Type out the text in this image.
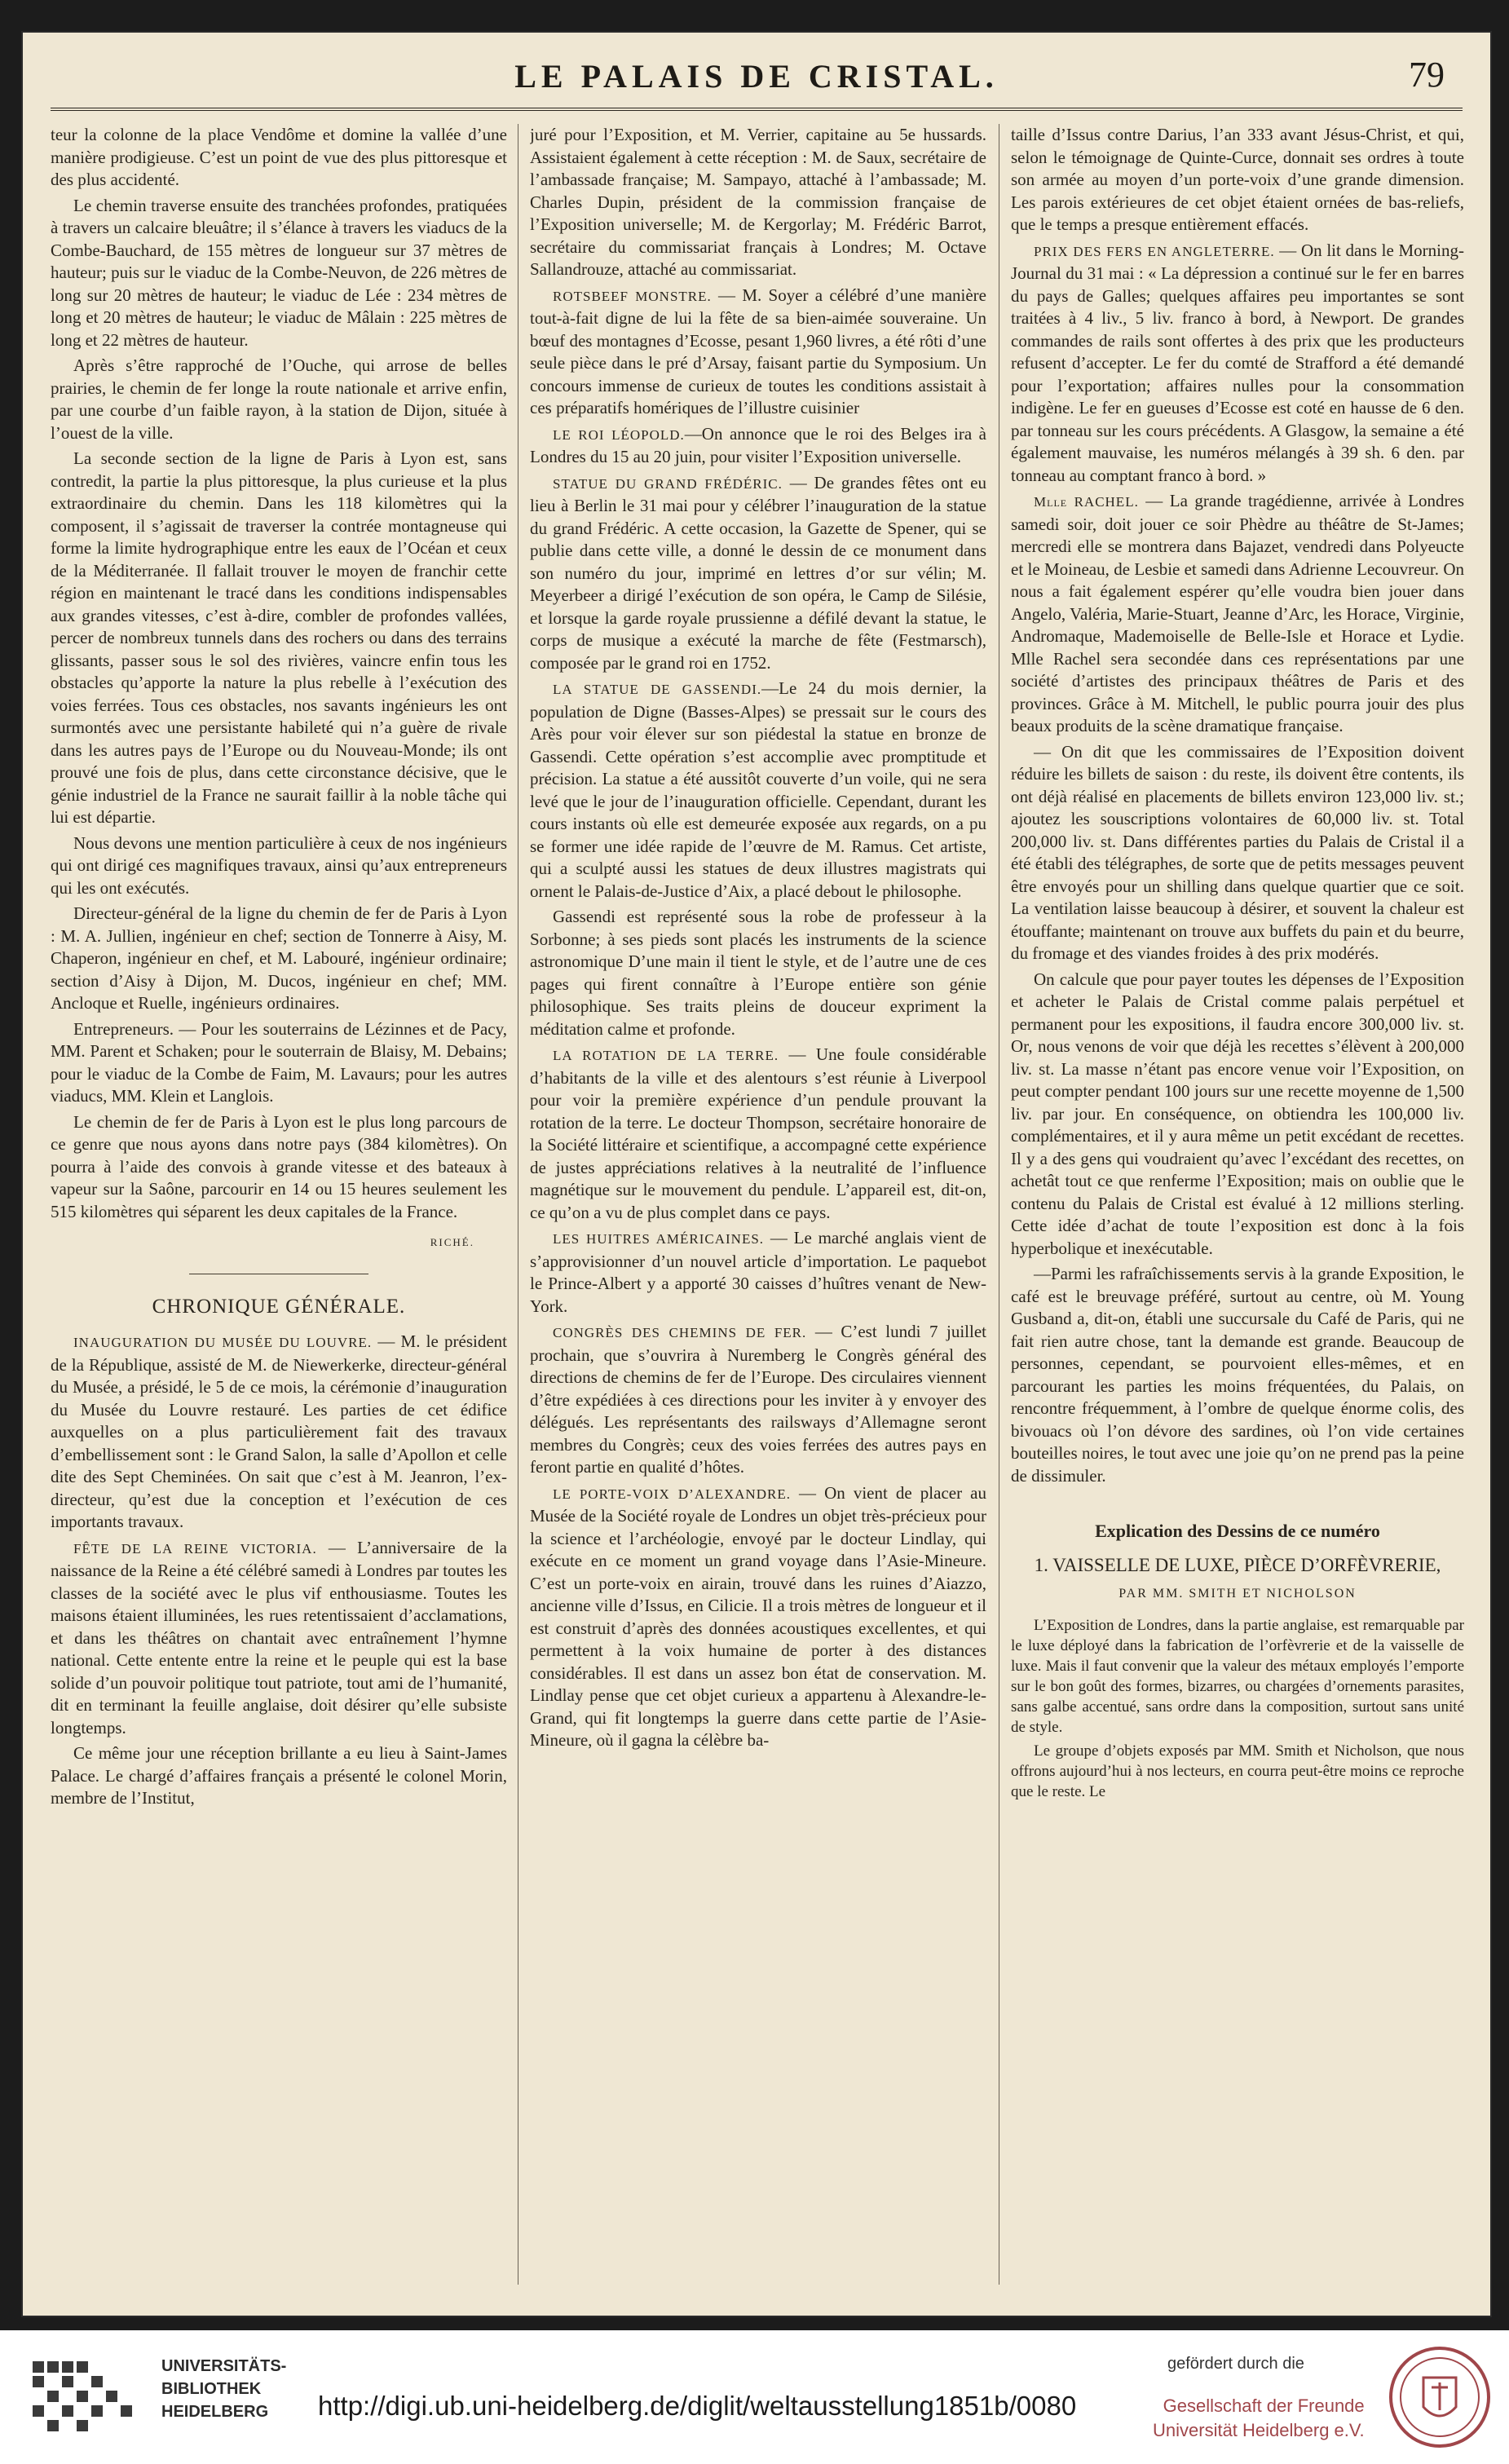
LE PALAIS DE CRISTAL.	79

teur la colonne de la place Vendôme et domine la vallée d’une manière prodigieuse. C’est un point de vue des plus pittoresque et des plus accidenté.

Le chemin traverse ensuite des tranchées profondes, pratiquées à travers un calcaire bleuâtre; il s’élance à travers les viaducs de la Combe-Bauchard, de 155 mètres de longueur sur 37 mètres de hauteur; puis sur le viaduc de la Combe-Neuvon, de 226 mètres de long sur 20 mètres de hauteur; le viaduc de Lée : 234 mètres de long et 20 mètres de hauteur; le viaduc de Mâlain : 225 mètres de long et 22 mètres de hauteur.

Après s’être rapproché de l’Ouche, qui arrose de belles prairies, le chemin de fer longe la route nationale et arrive enfin, par une courbe d’un faible rayon, à la station de Dijon, située à l’ouest de la ville.

La seconde section de la ligne de Paris à Lyon est, sans contredit, la partie la plus pittoresque, la plus curieuse et la plus extraordinaire du chemin. Dans les 118 kilomètres qui la composent, il s’agissait de traverser la contrée montagneuse qui forme la limite hydrographique entre les eaux de l’Océan et ceux de la Méditerranée. Il fallait trouver le moyen de franchir cette région en maintenant le tracé dans les conditions indispensables aux grandes vitesses, c’est à-dire, combler de profondes vallées, percer de nombreux tunnels dans des rochers ou dans des terrains glissants, passer sous le sol des rivières, vaincre enfin tous les obstacles qu’apporte la nature la plus rebelle à l’exécution des voies ferrées. Tous ces obstacles, nos savants ingénieurs les ont surmontés avec une persistante habileté qui n’a guère de rivale dans les autres pays de l’Europe ou du Nouveau-Monde; ils ont prouvé une fois de plus, dans cette circonstance décisive, que le génie industriel de la France ne saurait faillir à la noble tâche qui lui est départie.

Nous devons une mention particulière à ceux de nos ingénieurs qui ont dirigé ces magnifiques travaux, ainsi qu’aux entrepreneurs qui les ont exécutés.

Directeur-général de la ligne du chemin de fer de Paris à Lyon : M. A. Jullien, ingénieur en chef; section de Tonnerre à Aisy, M. Chaperon, ingénieur en chef, et M. Labouré, ingénieur ordinaire; section d’Aisy à Dijon, M. Ducos, ingénieur en chef; MM. Ancloque et Ruelle, ingénieurs ordinaires.

Entrepreneurs. — Pour les souterrains de Lézinnes et de Pacy, MM. Parent et Schaken; pour le souterrain de Blaisy, M. Debains; pour le viaduc de la Combe de Faim, M. Lavaurs; pour les autres viaducs, MM. Klein et Langlois.

Le chemin de fer de Paris à Lyon est le plus long parcours de ce genre que nous ayons dans notre pays (384 kilomètres). On pourra à l’aide des convois à grande vitesse et des bateaux à vapeur sur la Saône, parcourir en 14 ou 15 heures seulement les 515 kilomètres qui séparent les deux capitales de la France.

RICHÉ.
CHRONIQUE GÉNÉRALE.

INAUGURATION DU MUSÉE DU LOUVRE. — M. le président de la République, assisté de M. de Niewerkerke, directeur-général du Musée, a présidé, le 5 de ce mois, la cérémonie d’inauguration du Musée du Louvre restauré. Les parties de cet édifice auxquelles on a plus particulièrement fait des travaux d’embellissement sont : le Grand Salon, la salle d’Apollon et celle dite des Sept Cheminées. On sait que c’est à M. Jeanron, l’ex-directeur, qu’est due la conception et l’exécution de ces importants travaux.

FÊTE DE LA REINE VICTORIA. — L’anniversaire de la naissance de la Reine a été célébré samedi à Londres par toutes les classes de la société avec le plus vif enthousiasme. Toutes les maisons étaient illuminées, les rues retentissaient d’acclamations, et dans les théâtres on chantait avec entraînement l’hymne national. Cette entente entre la reine et le peuple qui est la base solide d’un pouvoir politique tout patriote, tout ami de l’humanité, dit en terminant la feuille anglaise, doit désirer qu’elle subsiste longtemps.

Ce même jour une réception brillante a eu lieu à Saint-James Palace. Le chargé d’affaires français a présenté le colonel Morin, membre de l’Institut,

juré pour l’Exposition, et M. Verrier, capitaine au 5e hussards. Assistaient également à cette réception : M. de Saux, secrétaire de l’ambassade française; M. Sampayo, attaché à l’ambassade; M. Charles Dupin, président de la commission française de l’Exposition universelle; M. de Kergorlay; M. Frédéric Barrot, secrétaire du commissariat français à Londres; M. Octave Sallandrouze, attaché au commissariat.

ROTSBEEF MONSTRE. — M. Soyer a célébré d’une manière tout-à-fait digne de lui la fête de sa bien-aimée souveraine. Un bœuf des montagnes d’Ecosse, pesant 1,960 livres, a été rôti d’une seule pièce dans le pré d’Arsay, faisant partie du Symposium. Un concours immense de curieux de toutes les conditions assistait à ces préparatifs homériques de l’illustre cuisinier

LE ROI LÉOPOLD.—On annonce que le roi des Belges ira à Londres du 15 au 20 juin, pour visiter l’Exposition universelle.

STATUE DU GRAND FRÉDÉRIC. — De grandes fêtes ont eu lieu à Berlin le 31 mai pour y célébrer l’inauguration de la statue du grand Frédéric. A cette occasion, la Gazette de Spener, qui se publie dans cette ville, a donné le dessin de ce monument dans son numéro du jour, imprimé en lettres d’or sur vélin; M. Meyerbeer a dirigé l’exécution de son opéra, le Camp de Silésie, et lorsque la garde royale prussienne a défilé devant la statue, le corps de musique a exécuté la marche de fête (Festmarsch), composée par le grand roi en 1752.

LA STATUE DE GASSENDI.—Le 24 du mois dernier, la population de Digne (Basses-Alpes) se pressait sur le cours des Arès pour voir élever sur son piédestal la statue en bronze de Gassendi. Cette opération s’est accomplie avec promptitude et précision. La statue a été aussitôt couverte d’un voile, qui ne sera levé que le jour de l’inauguration officielle. Cependant, durant les cours instants où elle est demeurée exposée aux regards, on a pu se former une idée rapide de l’œuvre de M. Ramus. Cet artiste, qui a sculpté aussi les statues de deux illustres magistrats qui ornent le Palais-de-Justice d’Aix, a placé debout le philosophe.

Gassendi est représenté sous la robe de professeur à la Sorbonne; à ses pieds sont placés les instruments de la science astronomique D’une main il tient le style, et de l’autre une de ces pages qui firent connaître à l’Europe entière son génie philosophique. Ses traits pleins de douceur expriment la méditation calme et profonde.

LA ROTATION DE LA TERRE. — Une foule considérable d’habitants de la ville et des alentours s’est réunie à Liverpool pour voir la première expérience d’un pendule prouvant la rotation de la terre. Le docteur Thompson, secrétaire honoraire de la Société littéraire et scientifique, a accompagné cette expérience de justes appréciations relatives à la neutralité de l’influence magnétique sur le mouvement du pendule. L’appareil est, dit-on, ce qu’on a vu de plus complet dans ce pays.

LES HUITRES AMÉRICAINES. — Le marché anglais vient de s’approvisionner d’un nouvel article d’importation. Le paquebot le Prince-Albert y a apporté 30 caisses d’huîtres venant de New-York.

CONGRÈS DES CHEMINS DE FER. — C’est lundi 7 juillet prochain, que s’ouvrira à Nuremberg le Congrès général des directions de chemins de fer de l’Europe. Des circulaires viennent d’être expédiées à ces directions pour les inviter à y envoyer des délégués. Les représentants des railsways d’Allemagne seront membres du Congrès; ceux des voies ferrées des autres pays en feront partie en qualité d’hôtes.

LE PORTE-VOIX D’ALEXANDRE. — On vient de placer au Musée de la Société royale de Londres un objet très-précieux pour la science et l’archéologie, envoyé par le docteur Lindlay, qui exécute en ce moment un grand voyage dans l’Asie-Mineure. C’est un porte-voix en airain, trouvé dans les ruines d’Aiazzo, ancienne ville d’Issus, en Cilicie. Il a trois mètres de longueur et il est construit d’après des données acoustiques excellentes, et qui permettent à la voix humaine de porter à des distances considérables. Il est dans un assez bon état de conservation. M. Lindlay pense que cet objet curieux a appartenu à Alexandre-le-Grand, qui fit longtemps la guerre dans cette partie de l’Asie-Mineure, où il gagna la célèbre ba-

taille d’Issus contre Darius, l’an 333 avant Jésus-Christ, et qui, selon le témoignage de Quinte-Curce, donnait ses ordres à toute son armée au moyen d’un porte-voix d’une grande dimension. Les parois extérieures de cet objet étaient ornées de bas-reliefs, que le temps a presque entièrement effacés.

PRIX DES FERS EN ANGLETERRE. — On lit dans le Morning-Journal du 31 mai : « La dépression a continué sur le fer en barres du pays de Galles; quelques affaires peu importantes se sont traitées à 4 liv., 5 liv. franco à bord, à Newport. De grandes commandes de rails sont offertes à des prix que les producteurs refusent d’accepter. Le fer du comté de Strafford a été demandé pour l’exportation; affaires nulles pour la consommation indigène. Le fer en gueuses d’Ecosse est coté en hausse de 6 den. par tonneau sur les cours précédents. A Glasgow, la semaine a été également mauvaise, les numéros mélangés à 39 sh. 6 den. par tonneau au comptant franco à bord. »

Mlle RACHEL. — La grande tragédienne, arrivée à Londres samedi soir, doit jouer ce soir Phèdre au théâtre de St-James; mercredi elle se montrera dans Bajazet, vendredi dans Polyeucte et le Moineau, de Lesbie et samedi dans Adrienne Lecouvreur. On nous a fait également espérer qu’elle voudra bien jouer dans Angelo, Valéria, Marie-Stuart, Jeanne d’Arc, les Horace, Virginie, Andromaque, Mademoiselle de Belle-Isle et Horace et Lydie. Mlle Rachel sera secondée dans ces représentations par une société d’artistes des principaux théâtres de Paris et des provinces. Grâce à M. Mitchell, le public pourra jouir des plus beaux produits de la scène dramatique française.

— On dit que les commissaires de l’Exposition doivent réduire les billets de saison : du reste, ils doivent être contents, ils ont déjà réalisé en placements de billets environ 123,000 liv. st.; ajoutez les souscriptions volontaires de 60,000 liv. st. Total 200,000 liv. st. Dans différentes parties du Palais de Cristal il a été établi des télégraphes, de sorte que de petits messages peuvent être envoyés pour un shilling dans quelque quartier que ce soit. La ventilation laisse beaucoup à désirer, et souvent la chaleur est étouffante; maintenant on trouve aux buffets du pain et du beurre, du fromage et des viandes froides à des prix modérés.

On calcule que pour payer toutes les dépenses de l’Exposition et acheter le Palais de Cristal comme palais perpétuel et permanent pour les expositions, il faudra encore 300,000 liv. st. Or, nous venons de voir que déjà les recettes s’élèvent à 200,000 liv. st. La masse n’étant pas encore venue voir l’Exposition, on peut compter pendant 100 jours sur une recette moyenne de 1,500 liv. par jour. En conséquence, on obtiendra les 100,000 liv. complémentaires, et il y aura même un petit excédant de recettes. Il y a des gens qui voudraient qu’avec l’excédant des recettes, on achetât tout ce que renferme l’Exposition; mais on oublie que le contenu du Palais de Cristal est évalué à 12 millions sterling. Cette idée d’achat de toute l’exposition est donc à la fois hyperbolique et inexécutable.

—Parmi les rafraîchissements servis à la grande Exposition, le café est le breuvage préféré, surtout au centre, où M. Young Gusband a, dit-on, établi une succursale du Café de Paris, qui ne fait rien autre chose, tant la demande est grande. Beaucoup de personnes, cependant, se pourvoient elles-mêmes, et en parcourant les parties les moins fréquentées, du Palais, on rencontre fréquemment, à l’ombre de quelque énorme colis, des bivouacs où l’on dévore des sardines, où l’on vide certaines bouteilles noires, le tout avec une joie qu’on ne prend pas la peine de dissimuler.

Explication des Dessins de ce numéro
1. VAISSELLE DE LUXE, PIÈCE D’ORFÈVRERIE,
PAR MM. SMITH ET NICHOLSON

L’Exposition de Londres, dans la partie anglaise, est remarquable par le luxe déployé dans la fabrication de l’orfèvrerie et de la vaisselle de luxe. Mais il faut convenir que la valeur des métaux employés l’emporte sur le bon goût des formes, bizarres, ou chargées d’ornements parasites, sans galbe accentué, sans ordre dans la composition, surtout sans unité de style.

Le groupe d’objets exposés par MM. Smith et Nicholson, que nous offrons aujourd’hui à nos lecteurs, en courra peut-être moins ce reproche que le reste. Le

UNIVERSITÄTS-
BIBLIOTHEK
HEIDELBERG	http://digi.ub.uni-heidelberg.de/diglit/weltausstellung1851b/0080
gefördert durch die
Gesellschaft der Freunde
Universität Heidelberg e.V.
